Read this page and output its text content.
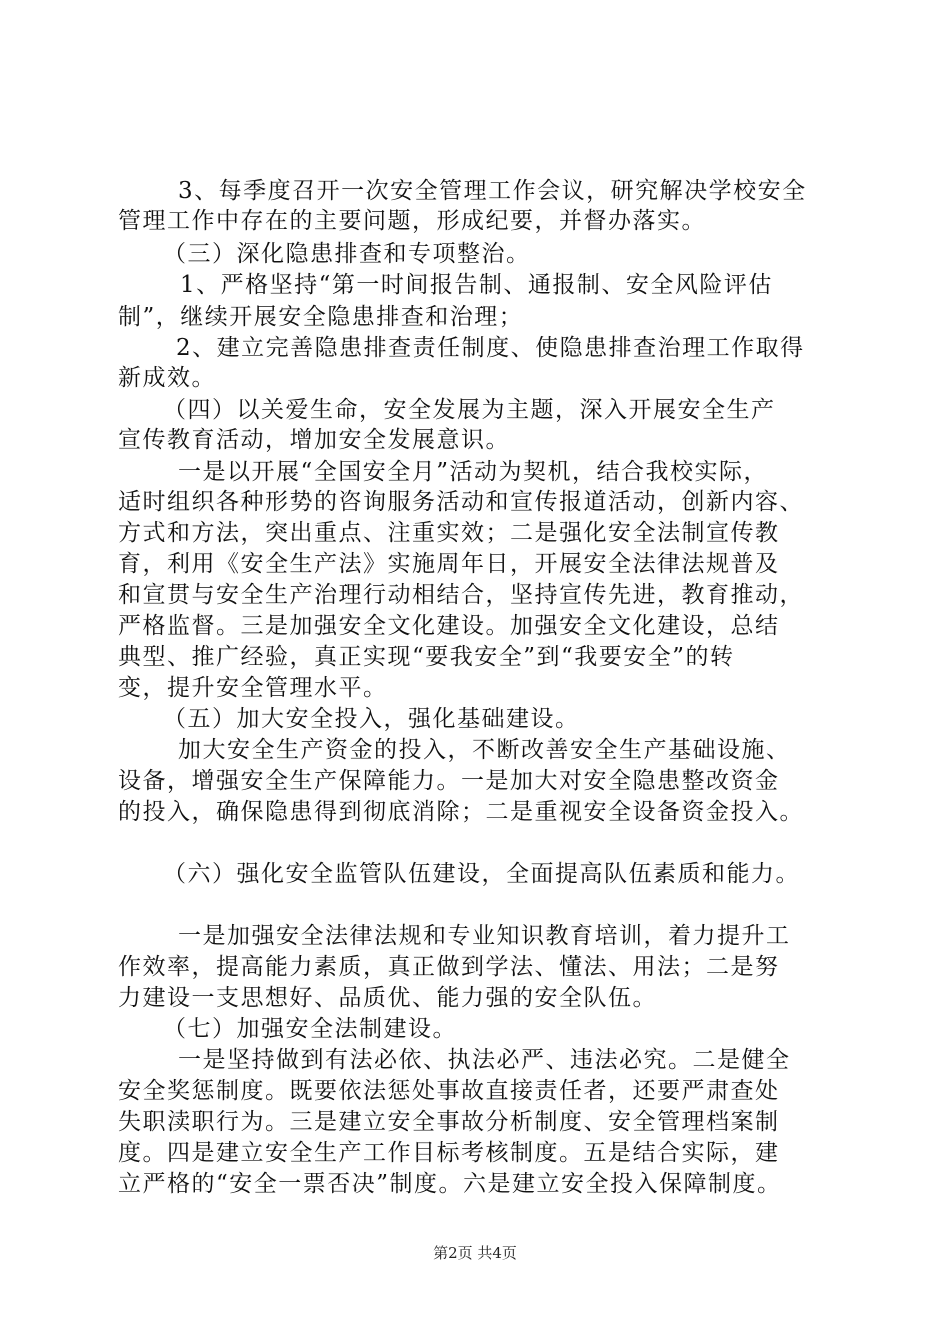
3、每季度召开一次安全管理工作会议，研究解决学校安全
管理工作中存在的主要问题，形成纪要，并督办落实。
（三）深化隐患排查和专项整治。
1、严格坚持“第一时间报告制、通报制、安全风险评估
制”，继续开展安全隐患排查和治理；
2、建立完善隐患排查责任制度、使隐患排查治理工作取得
新成效。
（四）以关爱生命，安全发展为主题，深入开展安全生产
宣传教育活动，增加安全发展意识。
一是以开展“全国安全月”活动为契机，结合我校实际，
适时组织各种形势的咨询服务活动和宣传报道活动，创新内容、
方式和方法，突出重点、注重实效；二是强化安全法制宣传教
育，利用《安全生产法》实施周年日，开展安全法律法规普及
和宣贯与安全生产治理行动相结合，坚持宣传先进，教育推动，
严格监督。三是加强安全文化建设。加强安全文化建设，总结
典型、推广经验，真正实现“要我安全”到“我要安全”的转
变，提升安全管理水平。
（五）加大安全投入，强化基础建设。
加大安全生产资金的投入，不断改善安全生产基础设施、
设备，增强安全生产保障能力。一是加大对安全隐患整改资金
的投入，确保隐患得到彻底消除；二是重视安全设备资金投入。
（六）强化安全监管队伍建设，全面提高队伍素质和能力。
一是加强安全法律法规和专业知识教育培训，着力提升工
作效率，提高能力素质，真正做到学法、懂法、用法；二是努
力建设一支思想好、品质优、能力强的安全队伍。
（七）加强安全法制建设。
一是坚持做到有法必依、执法必严、违法必究。二是健全
安全奖惩制度。既要依法惩处事故直接责任者，还要严肃查处
失职渎职行为。三是建立安全事故分析制度、安全管理档案制
度。四是建立安全生产工作目标考核制度。五是结合实际，建
立严格的“安全一票否决”制度。六是建立安全投入保障制度。
第2页 共4页
